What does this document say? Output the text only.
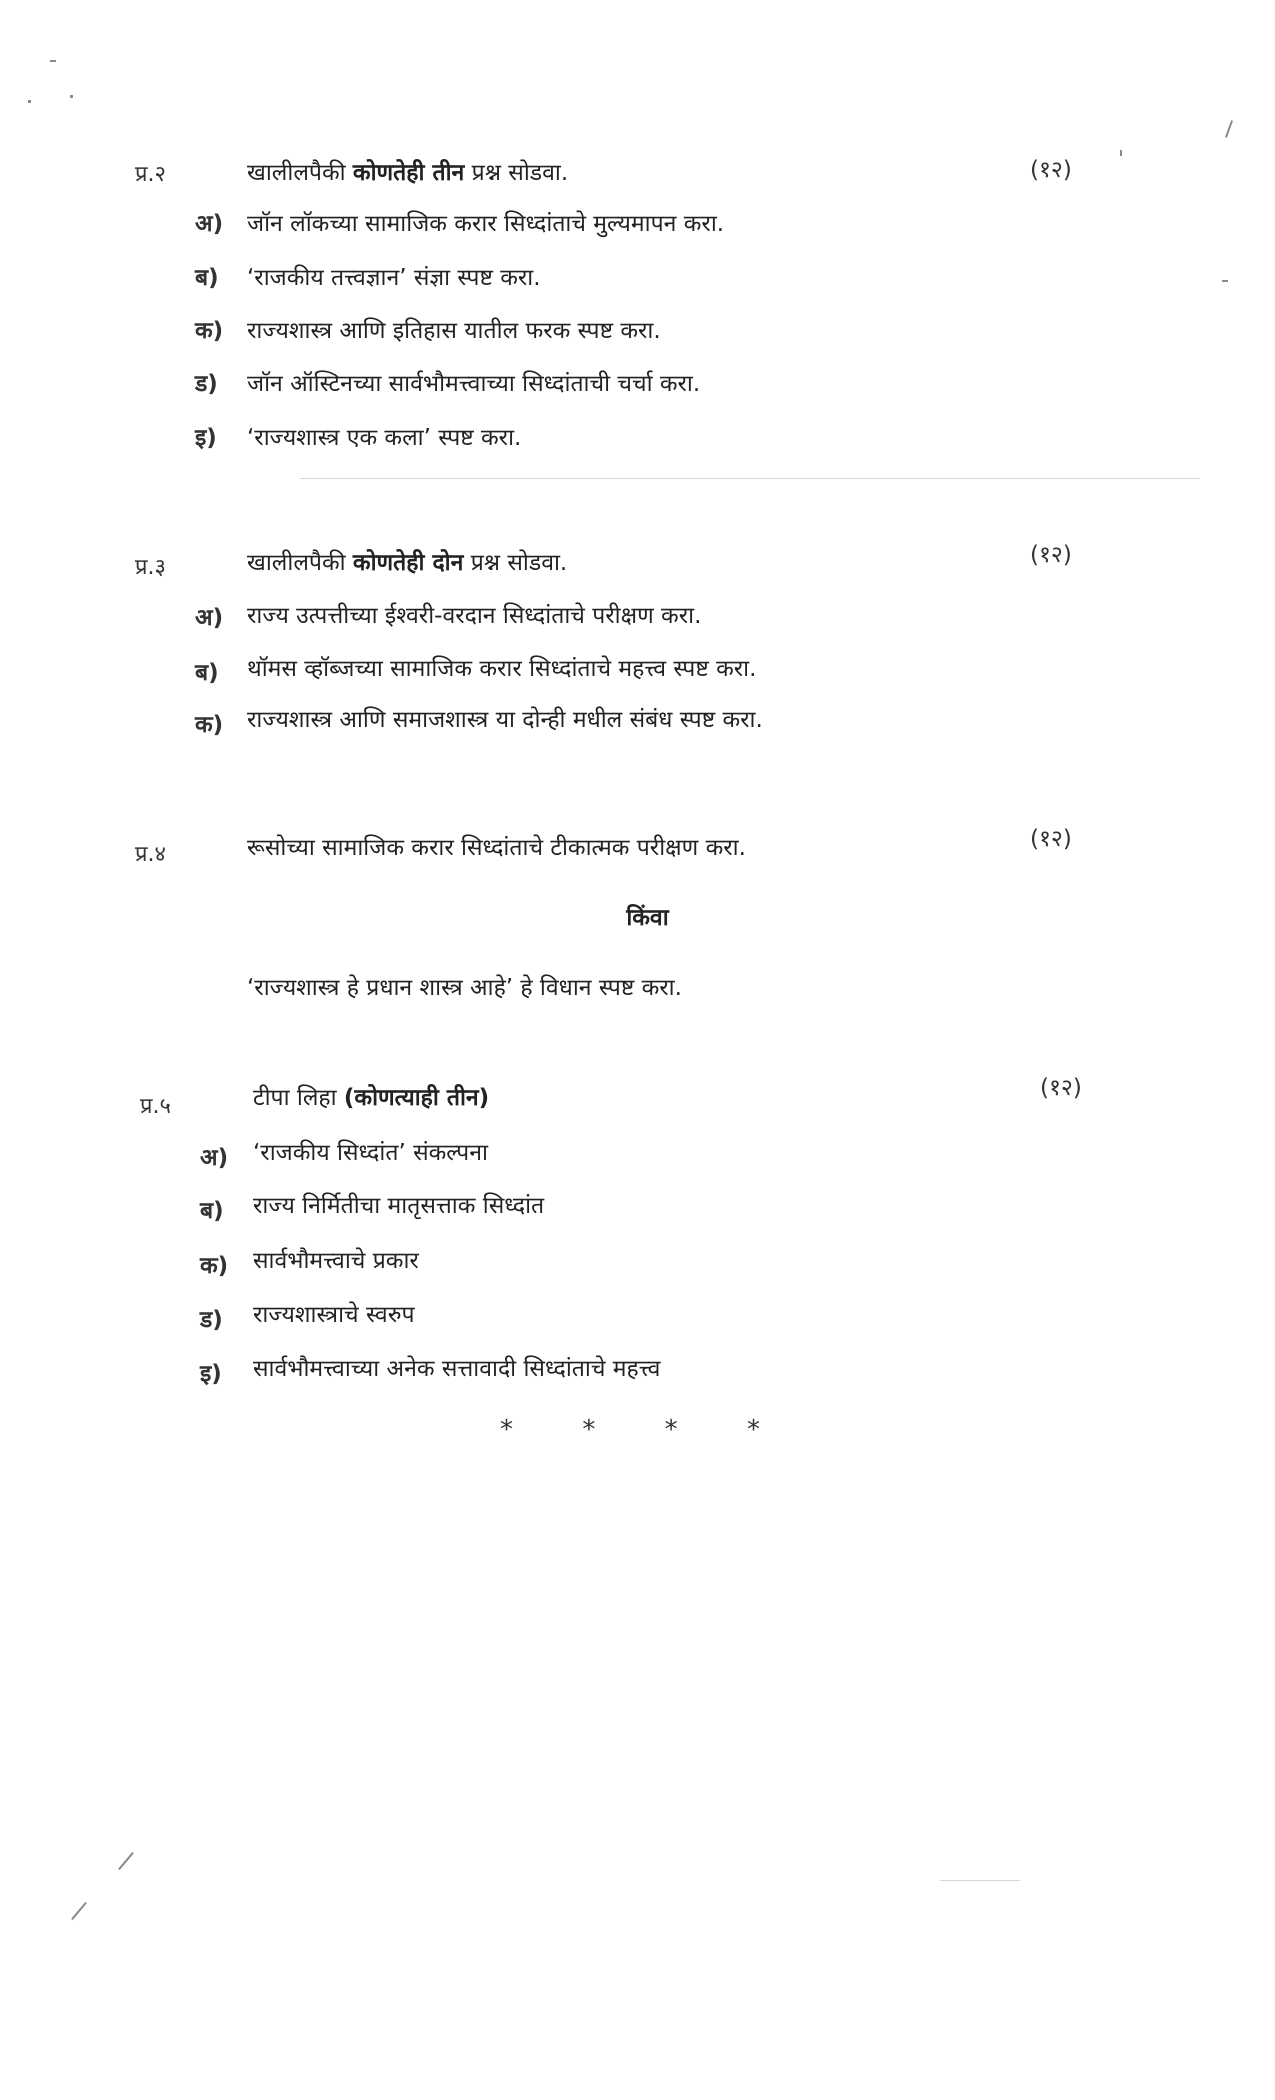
प्र.२	खालीलपैकी कोणतेही तीन प्रश्न सोडवा.	(१२)
अ) जॉन लॉकच्या सामाजिक करार सिध्दांताचे मुल्यमापन करा.
ब) ‘राजकीय तत्त्वज्ञान’ संज्ञा स्पष्ट करा.
क) राज्यशास्त्र आणि इतिहास यातील फरक स्पष्ट करा.
ड) जॉन ऑस्टिनच्या सार्वभौमत्त्वाच्या सिध्दांताची चर्चा करा.
इ) ‘राज्यशास्त्र एक कला’ स्पष्ट करा.
प्र.३	खालीलपैकी कोणतेही दोन प्रश्न सोडवा.	(१२)
अ) राज्य उत्पत्तीच्या ईश्वरी-वरदान सिध्दांताचे परीक्षण करा.
ब) थॉमस व्हॉब्जच्या सामाजिक करार सिध्दांताचे महत्त्व स्पष्ट करा.
क) राज्यशास्त्र आणि समाजशास्त्र या दोन्ही मधील संबंध स्पष्ट करा.
प्र.४	रूसोच्या सामाजिक करार सिध्दांताचे टीकात्मक परीक्षण करा.	(१२)
किंवा
‘राज्यशास्त्र हे प्रधान शास्त्र आहे’ हे विधान स्पष्ट करा.
प्र.५	टीपा लिहा (कोणत्याही तीन)	(१२)
अ) ‘राजकीय सिध्दांत’ संकल्पना
ब) राज्य निर्मितीचा मातृसत्ताक सिध्दांत
क) सार्वभौमत्त्वाचे प्रकार
ड) राज्यशास्त्राचे स्वरुप
इ) सार्वभौमत्त्वाच्या अनेक सत्तावादी सिध्दांताचे महत्त्व
*	*	*	*
